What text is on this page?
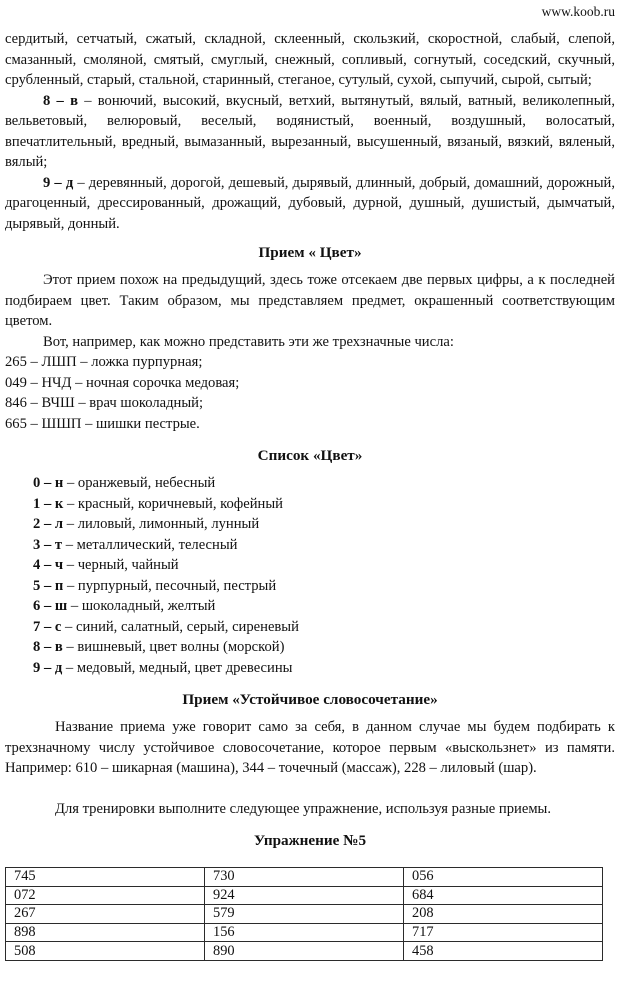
www.koob.ru

сердитый, сетчатый, сжатый, складной, склеенный, скользкий, скоростной, слабый, слепой, смазанный, смоляной, смятый, смуглый, снежный, сопливый, согнутый, соседский, скучный, срубленный, старый, стальной, старинный, стеганое, сутулый, сухой, сыпучий, сырой, сытый;

8 – в – вонючий, высокий, вкусный, ветхий, вытянутый, вялый, ватный, великолепный, вельветовый, велюровый, веселый, водянистый, военный, воздушный, волосатый, впечатлительный, вредный, вымазанный, вырезанный, высушенный, вязаный, вязкий, вяленый, вялый;

9 – д – деревянный, дорогой, дешевый, дырявый, длинный, добрый, домашний, дорожный, драгоценный, дрессированный, дрожащий, дубовый, дурной, душный, душистый, дымчатый, дырявый, донный.

Прием « Цвет»

Этот прием похож на предыдущий, здесь тоже отсекаем две первых цифры, а к последней подбираем цвет. Таким образом, мы представляем предмет, окрашенный соответствующим цветом.

Вот, например, как можно представить эти же трехзначные числа:

265 – ЛШП – ложка пурпурная;

049 – НЧД – ночная сорочка медовая;

846 – ВЧШ – врач шоколадный;

665 – ШШП – шишки пестрые.

Список «Цвет»

0 – н – оранжевый, небесный

1 – к – красный, коричневый, кофейный

2 – л – лиловый, лимонный, лунный

3 – т – металлический, телесный

4 – ч – черный, чайный

5 – п – пурпурный, песочный, пестрый

6 – ш – шоколадный, желтый

7 – с – синий, салатный, серый, сиреневый

8 – в – вишневый, цвет волны (морской)

9 – д – медовый, медный, цвет древесины

Прием «Устойчивое словосочетание»

Название приема уже говорит само за себя, в данном случае мы будем подбирать к трехзначному числу устойчивое словосочетание, которое первым «выскользнет» из памяти. Например: 610 – шикарная (машина), 344 – точечный (массаж), 228 – лиловый (шар).

Для тренировки выполните следующее упражнение, используя разные приемы.

Упражнение №5
745	730	056
072	924	684
267	579	208
898	156	717
508	890	458
